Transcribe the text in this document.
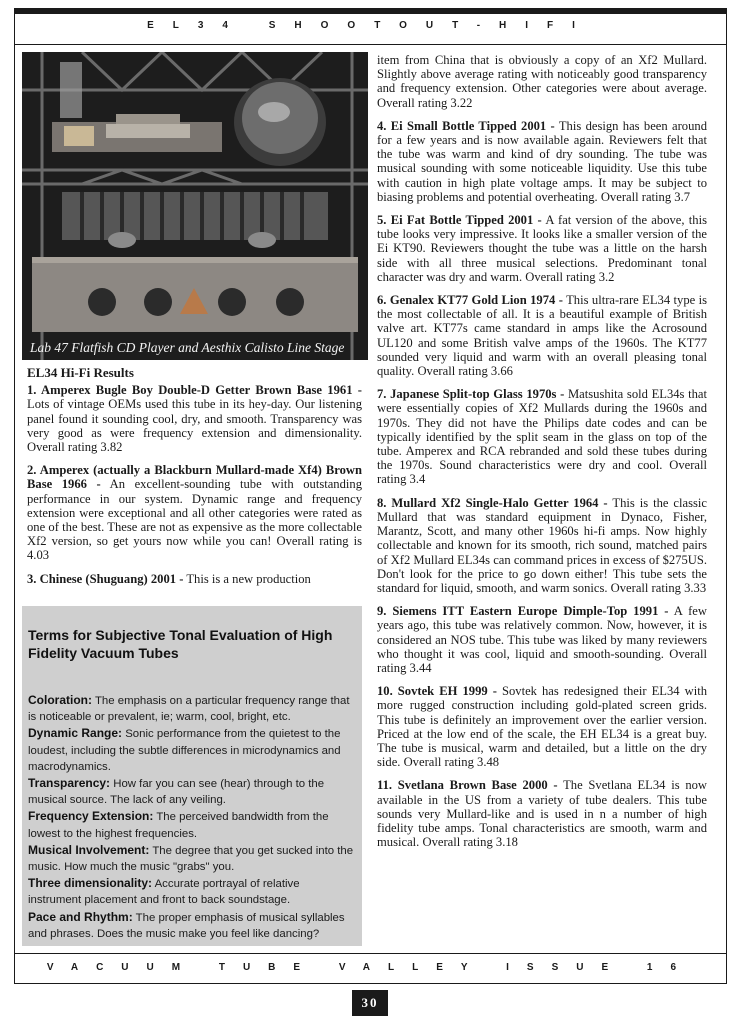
EL34 SHOOTOUT-HIFI
Lab 47 Flatfish CD Player and Aesthix Calisto Line Stage
EL34 Hi-Fi Results

1. Amperex Bugle Boy Double-D Getter Brown Base 1961 - Lots of vintage OEMs used this tube in its hey-day. Our listening panel found it sounding cool, dry, and smooth. Transparency was very good as were frequency extension and dimensionality. Overall rating 3.82

2. Amperex (actually a Blackburn Mullard-made Xf4) Brown Base 1966 - An excellent-sounding tube with outstanding performance in our system. Dynamic range and frequency extension were exceptional and all other categories were rated as one of the best. These are not as expensive as the more collectable Xf2 version, so get yours now while you can! Overall rating is 4.03

3. Chinese (Shuguang) 2001 - This is a new production

Terms for Subjective Tonal Evaluation of High Fidelity Vacuum Tubes
Coloration: The emphasis on a particular frequency range that is noticeable or prevalent, ie; warm, cool, bright, etc.
Dynamic Range: Sonic performance from the quietest to the loudest, including the subtle differences in microdynamics and macrodynamics.
Transparency: How far you can see (hear) through to the musical source. The lack of any veiling.
Frequency Extension: The perceived bandwidth from the lowest to the highest frequencies.
Musical Involvement: The degree that you get sucked into the music. How much the music "grabs" you.
Three dimensionality: Accurate portrayal of relative instrument placement and front to back soundstage.
Pace and Rhythm: The proper emphasis of musical syllables and phrases. Does the music make you feel like dancing?

item from China that is obviously a copy of an Xf2 Mullard. Slightly above average rating with noticeably good transparency and frequency extension. Other categories were about average. Overall rating 3.22

4. Ei Small Bottle Tipped 2001 - This design has been around for a few years and is now available again. Reviewers felt that the tube was warm and kind of dry sounding. The tube was musical sounding with some noticeable liquidity. Use this tube with caution in high plate voltage amps. It may be subject to biasing problems and potential overheating. Overall rating 3.7

5. Ei Fat Bottle Tipped 2001 - A fat version of the above, this tube looks very impressive. It looks like a smaller version of the Ei KT90. Reviewers thought the tube was a little on the harsh side with all three musical selections. Predominant tonal character was dry and warm. Overall rating 3.2

6. Genalex KT77 Gold Lion 1974 - This ultra-rare EL34 type is the most collectable of all. It is a beautiful example of British valve art. KT77s came standard in amps like the Acrosound UL120 and some British valve amps of the 1960s. The KT77 sounded very liquid and warm with an overall pleasing tonal quality. Overall rating 3.66

7. Japanese Split-top Glass 1970s - Matsushita sold EL34s that were essentially copies of Xf2 Mullards during the 1960s and 1970s. They did not have the Philips date codes and can be typically identified by the split seam in the glass on top of the tube. Amperex and RCA rebranded and sold these tubes during the 1970s. Sound characteristics were dry and cool. Overall rating 3.4

8. Mullard Xf2 Single-Halo Getter 1964 - This is the classic Mullard that was standard equipment in Dynaco, Fisher, Marantz, Scott, and many other 1960s hi-fi amps. Now highly collectable and known for its smooth, rich sound, matched pairs of Xf2 Mullard EL34s can command prices in excess of $275US. Don't look for the price to go down either! This tube sets the standard for liquid, smooth, and warm sonics. Overall rating 3.33

9. Siemens ITT Eastern Europe Dimple-Top 1991 - A few years ago, this tube was relatively common. Now, however, it is considered an NOS tube. This tube was liked by many reviewers who thought it was cool, liquid and smooth-sounding. Overall rating 3.44

10. Sovtek EH 1999 - Sovtek has redesigned their EL34 with more rugged construction including gold-plated screen grids. This tube is definitely an improvement over the earlier version. Priced at the low end of the scale, the EH EL34 is a great buy. The tube is musical, warm and detailed, but a little on the dry side. Overall rating 3.48

11. Svetlana Brown Base 2000 - The Svetlana EL34 is now available in the US from a variety of tube dealers. This tube sounds very Mullard-like and is used in n a number of high fidelity tube amps. Tonal characteristics are smooth, warm and musical. Overall rating 3.18

VACUUM TUBE VALLEY ISSUE 16
30
